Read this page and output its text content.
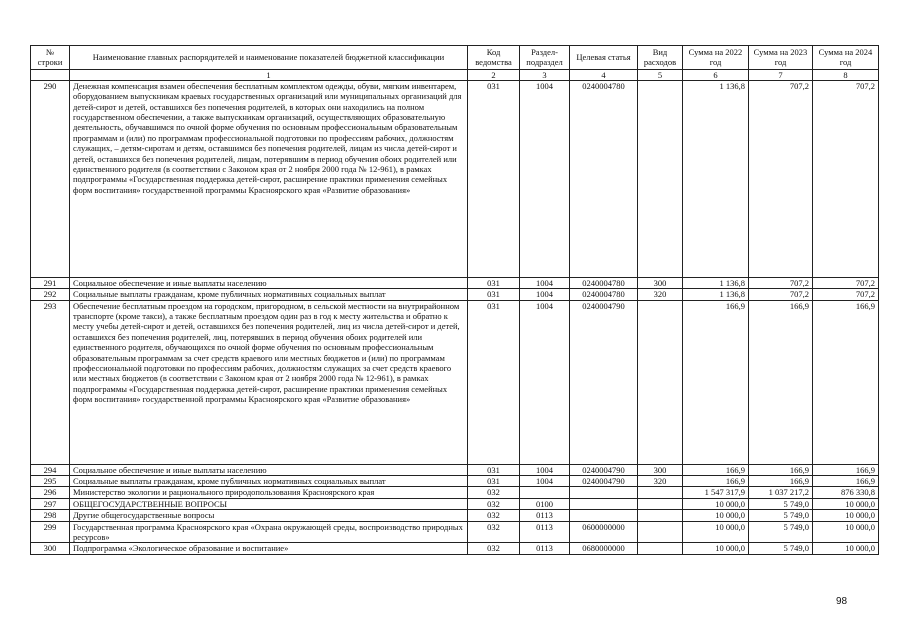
№ строки	Наименование главных распорядителей и наименование показателей бюджетной классификации	Код ведомства	Раздел-подраздел	Целевая статья	Вид расходов	Сумма на 2022 год	Сумма на 2023 год	Сумма на 2024 год
	1	2	3	4	5	6	7	8
290	Денежная компенсация взамен обеспечения бесплатным комплектом одежды, обуви, мягким инвентарем, оборудованием выпускникам краевых государственных организаций или муниципальных организаций для детей-сирот и детей, оставшихся без попечения родителей, в которых они находились на полном государственном обеспечении, а также выпускникам организаций, осуществляющих образовательную деятельность, обучавшимся по очной форме обучения по основным профессиональным образовательным программам и (или) по программам профессиональной подготовки по профессиям рабочих, должностям служащих, – детям-сиротам и детям, оставшимся без попечения родителей, лицам из числа детей-сирот и детей, оставшихся без попечения родителей, лицам, потерявшим в период обучения обоих родителей или единственного родителя (в соответствии с Законом края от 2 ноября 2000 года № 12-961), в рамках подпрограммы «Государственная поддержка детей-сирот, расширение практики применения семейных форм воспитания» государственной программы Красноярского края «Развитие образования»	031	1004	0240004780		1 136,8	707,2	707,2
291	Социальное обеспечение и иные выплаты населению	031	1004	0240004780	300	1 136,8	707,2	707,2
292	Социальные выплаты гражданам, кроме публичных нормативных социальных выплат	031	1004	0240004780	320	1 136,8	707,2	707,2
293	Обеспечение бесплатным проездом на городском, пригородном, в сельской местности на внутрирайонном транспорте (кроме такси), а также бесплатным проездом один раз в год к месту жительства и обратно к месту учебы детей-сирот и детей, оставшихся без попечения родителей, лиц из числа детей-сирот и детей, оставшихся без попечения родителей, лиц, потерявших в период обучения обоих родителей или единственного родителя, обучающихся по очной форме обучения по основным профессиональным образовательным программам за счет средств краевого или местных бюджетов и (или) по программам профессиональной подготовки по профессиям рабочих, должностям служащих за счет средств краевого или местных бюджетов (в соответствии с Законом края от 2 ноября 2000 года № 12-961), в рамках подпрограммы «Государственная поддержка детей-сирот, расширение практики применения семейных форм воспитания» государственной программы Красноярского края «Развитие образования»	031	1004	0240004790		166,9	166,9	166,9
294	Социальное обеспечение и иные выплаты населению	031	1004	0240004790	300	166,9	166,9	166,9
295	Социальные выплаты гражданам, кроме публичных нормативных социальных выплат	031	1004	0240004790	320	166,9	166,9	166,9
296	Министерство экологии и рационального природопользования Красноярского края	032				1 547 317,9	1 037 217,2	876 330,8
297	ОБЩЕГОСУДАРСТВЕННЫЕ ВОПРОСЫ	032	0100			10 000,0	5 749,0	10 000,0
298	Другие общегосударственные вопросы	032	0113			10 000,0	5 749,0	10 000,0
299	Государственная программа Красноярского края «Охрана окружающей среды, воспроизводство природных ресурсов»	032	0113	0600000000		10 000,0	5 749,0	10 000,0
300	Подпрограмма «Экологическое образование и воспитание»	032	0113	0680000000		10 000,0	5 749,0	10 000,0
98
